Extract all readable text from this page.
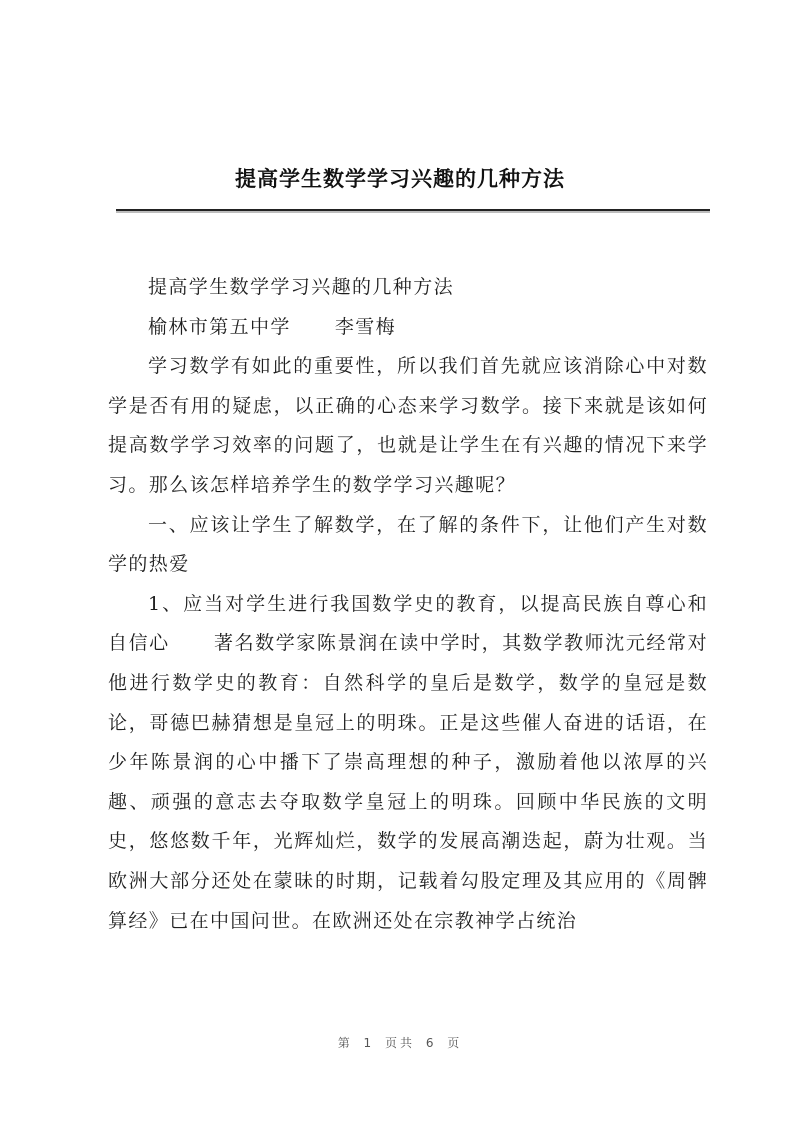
提高学生数学学习兴趣的几种方法

提高学生数学学习兴趣的几种方法

榆林市第五中学 李雪梅

学习数学有如此的重要性，所以我们首先就应该消除心中对数学是否有用的疑虑，以正确的心态来学习数学。接下来就是该如何提高数学学习效率的问题了，也就是让学生在有兴趣的情况下来学习。那么该怎样培养学生的数学学习兴趣呢？

一、应该让学生了解数学，在了解的条件下，让他们产生对数学的热爱

1、应当对学生进行我国数学史的教育，以提高民族自尊心和自信心 著名数学家陈景润在读中学时，其数学教师沈元经常对他进行数学史的教育：自然科学的皇后是数学，数学的皇冠是数论，哥德巴赫猜想是皇冠上的明珠。正是这些催人奋进的话语，在少年陈景润的心中播下了崇高理想的种子，激励着他以浓厚的兴趣、顽强的意志去夺取数学皇冠上的明珠。回顾中华民族的文明史，悠悠数千年，光辉灿烂，数学的发展高潮迭起，蔚为壮观。当欧洲大部分还处在蒙昧的时期，记载着勾股定理及其应用的《周髀算经》已在中国问世。在欧洲还处在宗教神学占统治

第 1 页共 6 页
